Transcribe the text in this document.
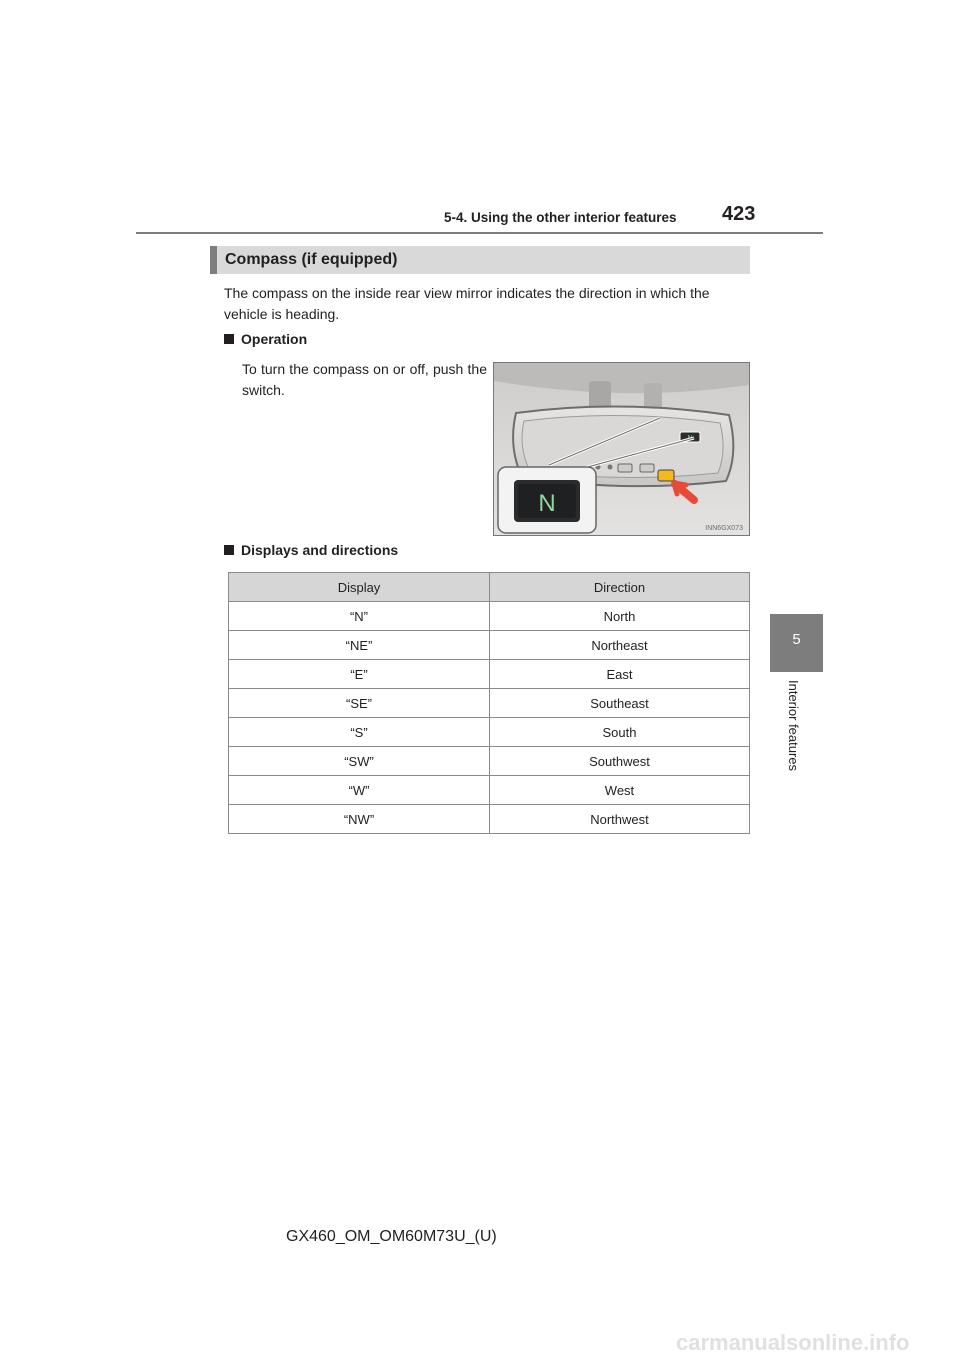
5-4. Using the other interior features 423
5
Interior features
Compass (if equipped)
The compass on the inside rear view mirror indicates the direction in which the vehicle is heading.
Operation
To turn the compass on or off, push the switch.
N
INN6GX073
Displays and directions
Display	Direction
“N”	North
“NE”	Northeast
“E”	East
“SE”	Southeast
“S”	South
“SW”	Southwest
“W”	West
“NW”	Northwest
GX460_OM_OM60M73U_(U)
carmanualsonline.info
